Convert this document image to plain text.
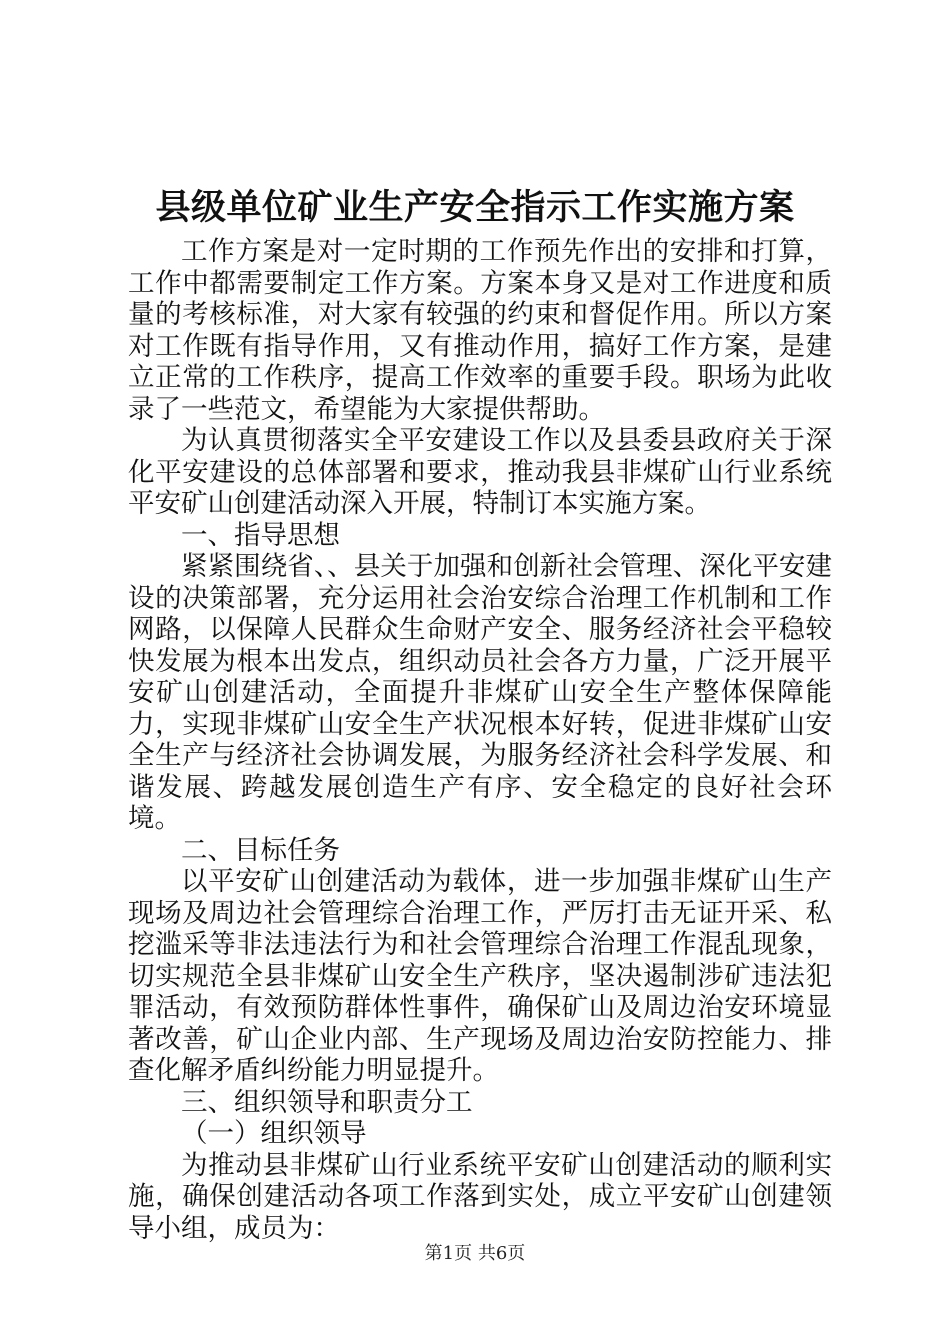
县级单位矿业生产安全指示工作实施方案

工作方案是对一定时期的工作预先作出的安排和打算，工作中都需要制定工作方案。方案本身又是对工作进度和质量的考核标准，对大家有较强的约束和督促作用。所以方案对工作既有指导作用，又有推动作用，搞好工作方案，是建立正常的工作秩序，提高工作效率的重要手段。职场为此收录了一些范文，希望能为大家提供帮助。

为认真贯彻落实全平安建设工作以及县委县政府关于深化平安建设的总体部署和要求，推动我县非煤矿山行业系统平安矿山创建活动深入开展，特制订本实施方案。

一、指导思想

紧紧围绕省、、县关于加强和创新社会管理、深化平安建设的决策部署，充分运用社会治安综合治理工作机制和工作网路，以保障人民群众生命财产安全、服务经济社会平稳较快发展为根本出发点，组织动员社会各方力量，广泛开展平安矿山创建活动，全面提升非煤矿山安全生产整体保障能力，实现非煤矿山安全生产状况根本好转，促进非煤矿山安全生产与经济社会协调发展，为服务经济社会科学发展、和谐发展、跨越发展创造生产有序、安全稳定的良好社会环境。

二、目标任务

以平安矿山创建活动为载体，进一步加强非煤矿山生产现场及周边社会管理综合治理工作，严厉打击无证开采、私挖滥采等非法违法行为和社会管理综合治理工作混乱现象，切实规范全县非煤矿山安全生产秩序，坚决遏制涉矿违法犯罪活动，有效预防群体性事件，确保矿山及周边治安环境显著改善，矿山企业内部、生产现场及周边治安防控能力、排查化解矛盾纠纷能力明显提升。

三、组织领导和职责分工

（一）组织领导

为推动县非煤矿山行业系统平安矿山创建活动的顺利实施，确保创建活动各项工作落到实处，成立平安矿山创建领导小组，成员为：

第1页 共6页
